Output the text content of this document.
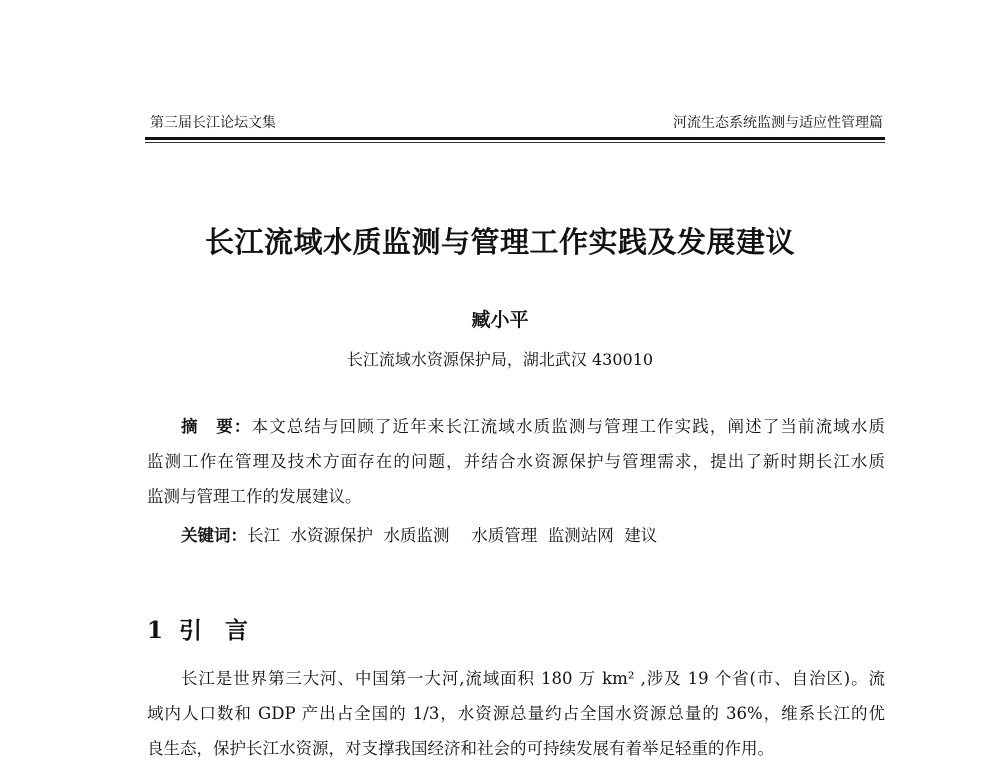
第三届长江论坛文集	河流生态系统监测与适应性管理篇
长江流域水质监测与管理工作实践及发展建议
臧小平
长江流域水资源保护局，湖北武汉 430010
摘　要：本文总结与回顾了近年来长江流域水质监测与管理工作实践，阐述了当前流域水质
监测工作在管理及技术方面存在的问题，并结合水资源保护与管理需求，提出了新时期长江水质
监测与管理工作的发展建议。
关键词：长江  水资源保护  水质监测　 水质管理  监测站网  建议
1 引　言
长江是世界第三大河、中国第一大河,流域面积 180 万 km² ,涉及 19 个省(市、自治区)。流
域内人口数和 GDP 产出占全国的 1/3，水资源总量约占全国水资源总量的 36%，维系长江的优
良生态，保护长江水资源，对支撑我国经济和社会的可持续发展有着举足轻重的作用。
